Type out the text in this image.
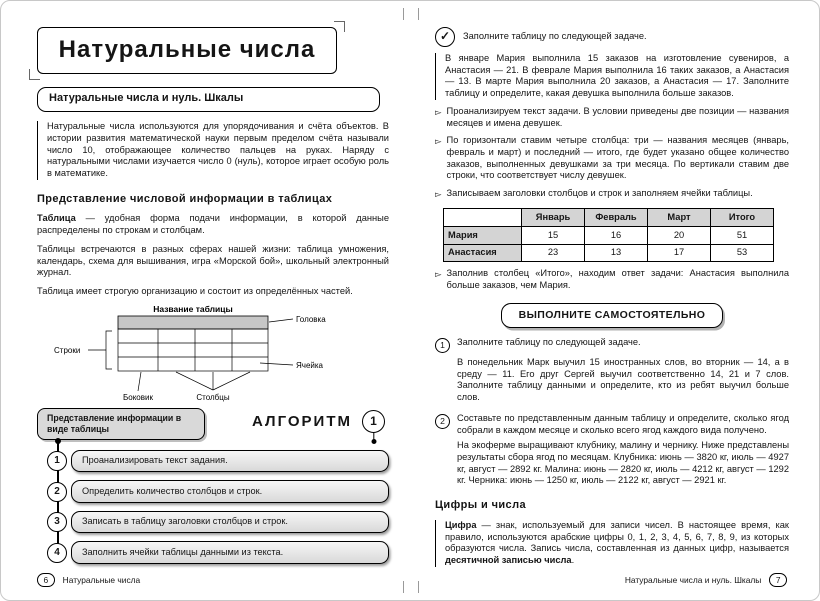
Натуральные числа
Натуральные числа и нуль. Шкалы

Натуральные числа используются для упорядочивания и счёта объектов. В истории развития математической науки первым пределом счёта называли число 10, отображающее количество пальцев на руках. Наряду с натуральными числами изучается число 0 (нуль), которое играет особую роль в математике.

Представление числовой информации в таблицах

Таблица — удобная форма подачи информации, в которой данные распределены по строкам и столбцам.

Таблицы встречаются в разных сферах нашей жизни: таблица умножения, календарь, схема для вышивания, игра «Морской бой», школьный электронный журнал.

Таблица имеет строгую организацию и состоит из определённых частей.

Название таблицы
Головка
Ячейка
Строки
Боковик	Столбцы
Представление информации в виде таблицы	АЛГОРИТМ	1
1	Проанализировать текст задания.
2	Определить количество столбцов и строк.
3	Записать в таблицу заголовки столбцов и строк.
4	Заполнить ячейки таблицы данными из текста.
✓	Заполните таблицу по следующей задаче.

В январе Мария выполнила 15 заказов на изготовление сувениров, а Анастасия — 21. В феврале Мария выполнила 16 таких заказов, а Анастасия — 13. В марте Мария выполнила 20 заказов, а Анастасия — 17. Заполните таблицу и определите, какая девушка выполнила больше заказов.

▻ Проанализируем текст задачи. В условии приведены две позиции — названия месяцев и имена девушек.
▻ По горизонтали ставим четыре столбца: три — названия месяцев (январь, февраль и март) и последний — итого, где будет указано общее количество заказов, выполненных девушками за три месяца. По вертикали ставим две строки, что соответствует числу девушек.
▻ Записываем заголовки столбцов и строк и заполняем ячейки таблицы.
	Январь	Февраль	Март	Итого
Мария	15	16	20	51
Анастасия	23	13	17	53
▻ Заполнив столбец «Итого», находим ответ задачи: Анастасия выполнила больше заказов, чем Мария.
ВЫПОЛНИТЕ САМОСТОЯТЕЛЬНО
1	Заполните таблицу по следующей задаче.

В понедельник Марк выучил 15 иностранных слов, во вторник — 14, а в среду — 11. Его друг Сергей выучил соответственно 14, 21 и 7 слов. Заполните таблицу данными и определите, кто из ребят выучил больше слов.

2	Составьте по представленным данным таблицу и определите, сколько ягод собрали в каждом месяце и сколько всего ягод каждого вида получено.

На экоферме выращивают клубнику, малину и чернику. Ниже представлены результаты сбора ягод по месяцам. Клубника: июнь — 3820 кг, июль — 4927 кг, август — 2892 кг. Малина: июнь — 2820 кг, июль — 4212 кг, август — 1292 кг. Черника: июнь — 1250 кг, июль — 2122 кг, август — 2921 кг.

Цифры и числа

Цифра — знак, используемый для записи чисел. В настоящее время, как правило, используются арабские цифры 0, 1, 2, 3, 4, 5, 6, 7, 8, 9, из которых образуются числа. Запись числа, составленная из данных цифр, называется десятичной записью числа.

6	Натуральные числа	Натуральные числа и нуль. Шкалы	7
